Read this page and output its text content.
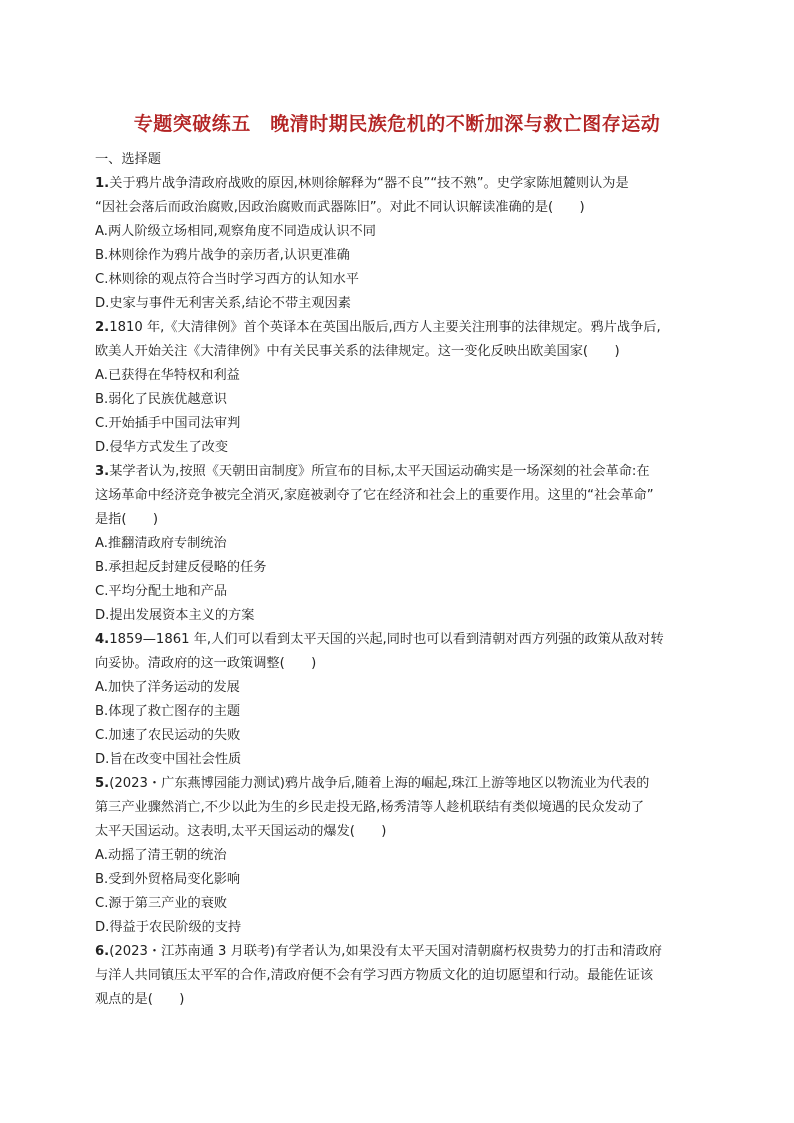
专题突破练五　晚清时期民族危机的不断加深与救亡图存运动
一、选择题
1.关于鸦片战争清政府战败的原因,林则徐解释为“器不良”“技不熟”。史学家陈旭麓则认为是
“因社会落后而政治腐败,因政治腐败而武器陈旧”。对此不同认识解读准确的是(　　)
A.两人阶级立场相同,观察角度不同造成认识不同
B.林则徐作为鸦片战争的亲历者,认识更准确
C.林则徐的观点符合当时学习西方的认知水平
D.史家与事件无利害关系,结论不带主观因素
2.1810 年,《大清律例》首个英译本在英国出版后,西方人主要关注刑事的法律规定。鸦片战争后,
欧美人开始关注《大清律例》中有关民事关系的法律规定。这一变化反映出欧美国家(　　)
A.已获得在华特权和利益
B.弱化了民族优越意识
C.开始插手中国司法审判
D.侵华方式发生了改变
3.某学者认为,按照《天朝田亩制度》所宣布的目标,太平天国运动确实是一场深刻的社会革命:在
这场革命中经济竞争被完全消灭,家庭被剥夺了它在经济和社会上的重要作用。这里的“社会革命”
是指(　　)
A.推翻清政府专制统治
B.承担起反封建反侵略的任务
C.平均分配土地和产品
D.提出发展资本主义的方案
4.1859—1861 年,人们可以看到太平天国的兴起,同时也可以看到清朝对西方列强的政策从敌对转
向妥协。清政府的这一政策调整(　　)
A.加快了洋务运动的发展
B.体现了救亡图存的主题
C.加速了农民运动的失败
D.旨在改变中国社会性质
5.(2023・广东燕博园能力测试)鸦片战争后,随着上海的崛起,珠江上游等地区以物流业为代表的
第三产业骤然消亡,不少以此为生的乡民走投无路,杨秀清等人趁机联结有类似境遇的民众发动了
太平天国运动。这表明,太平天国运动的爆发(　　)
A.动摇了清王朝的统治
B.受到外贸格局变化影响
C.源于第三产业的衰败
D.得益于农民阶级的支持
6.(2023・江苏南通 3 月联考)有学者认为,如果没有太平天国对清朝腐朽权贵势力的打击和清政府
与洋人共同镇压太平军的合作,清政府便不会有学习西方物质文化的迫切愿望和行动。最能佐证该
观点的是(　　)
